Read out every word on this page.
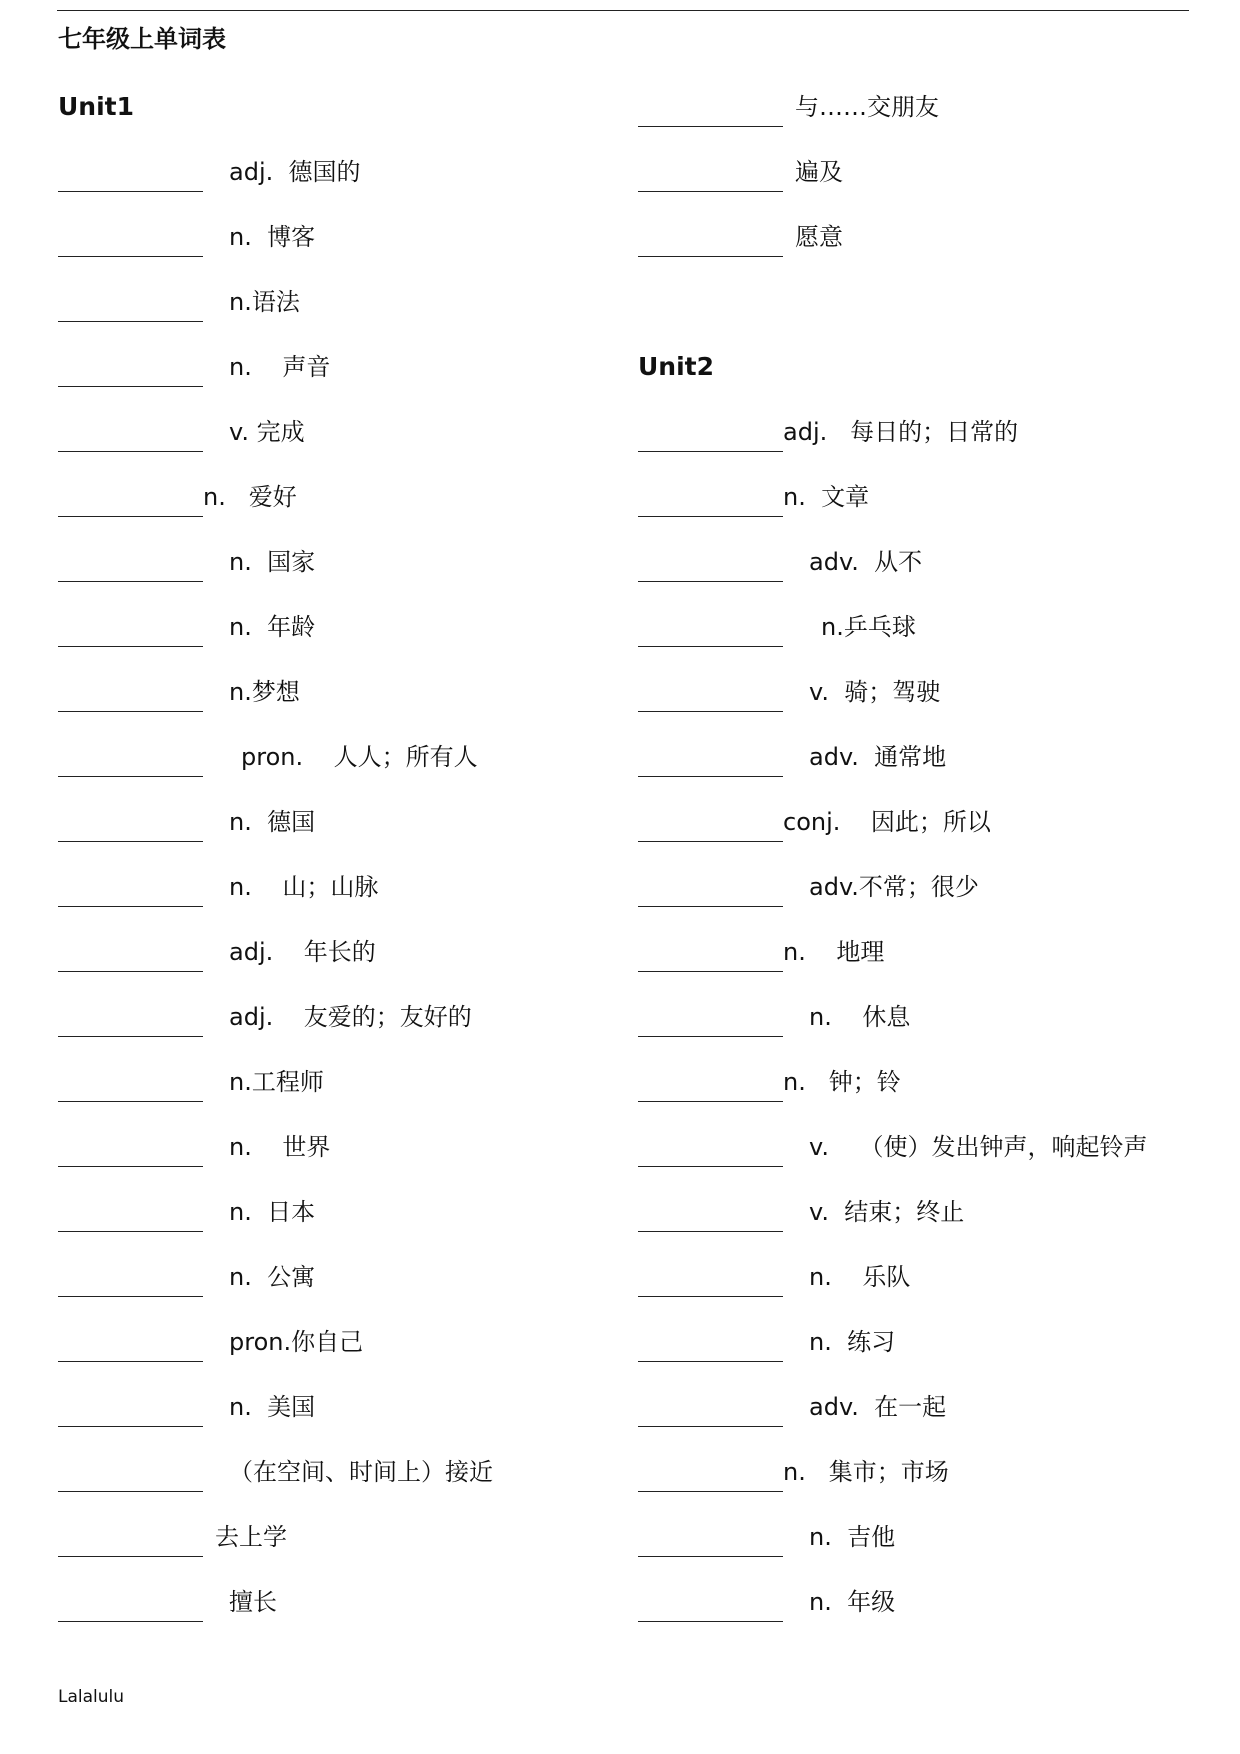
七年级上单词表
Unit1
adj.  德国的
n.  博客
n.语法
n.    声音
v. 完成
n.   爱好
n.  国家
n.  年龄
n.梦想
pron.    人人；所有人
n.  德国
n.    山；山脉
adj.    年长的
adj.    友爱的；友好的
n.工程师
n.    世界
n.  日本
n.  公寓
pron.你自己
n.  美国
（在空间、时间上）接近
去上学
擅长
与……交朋友
遍及
愿意
Unit2
adj.   每日的；日常的
n.  文章
adv.  从不
n.乒乓球
v.  骑；驾驶
adv.  通常地
conj.    因此；所以
adv.不常；很少
n.    地理
n.    休息
n.   钟；铃
v.    （使）发出钟声，响起铃声
v.  结束；终止
n.    乐队
n.  练习
adv.  在一起
n.   集市；市场
n.  吉他
n.  年级
Lalalulu
